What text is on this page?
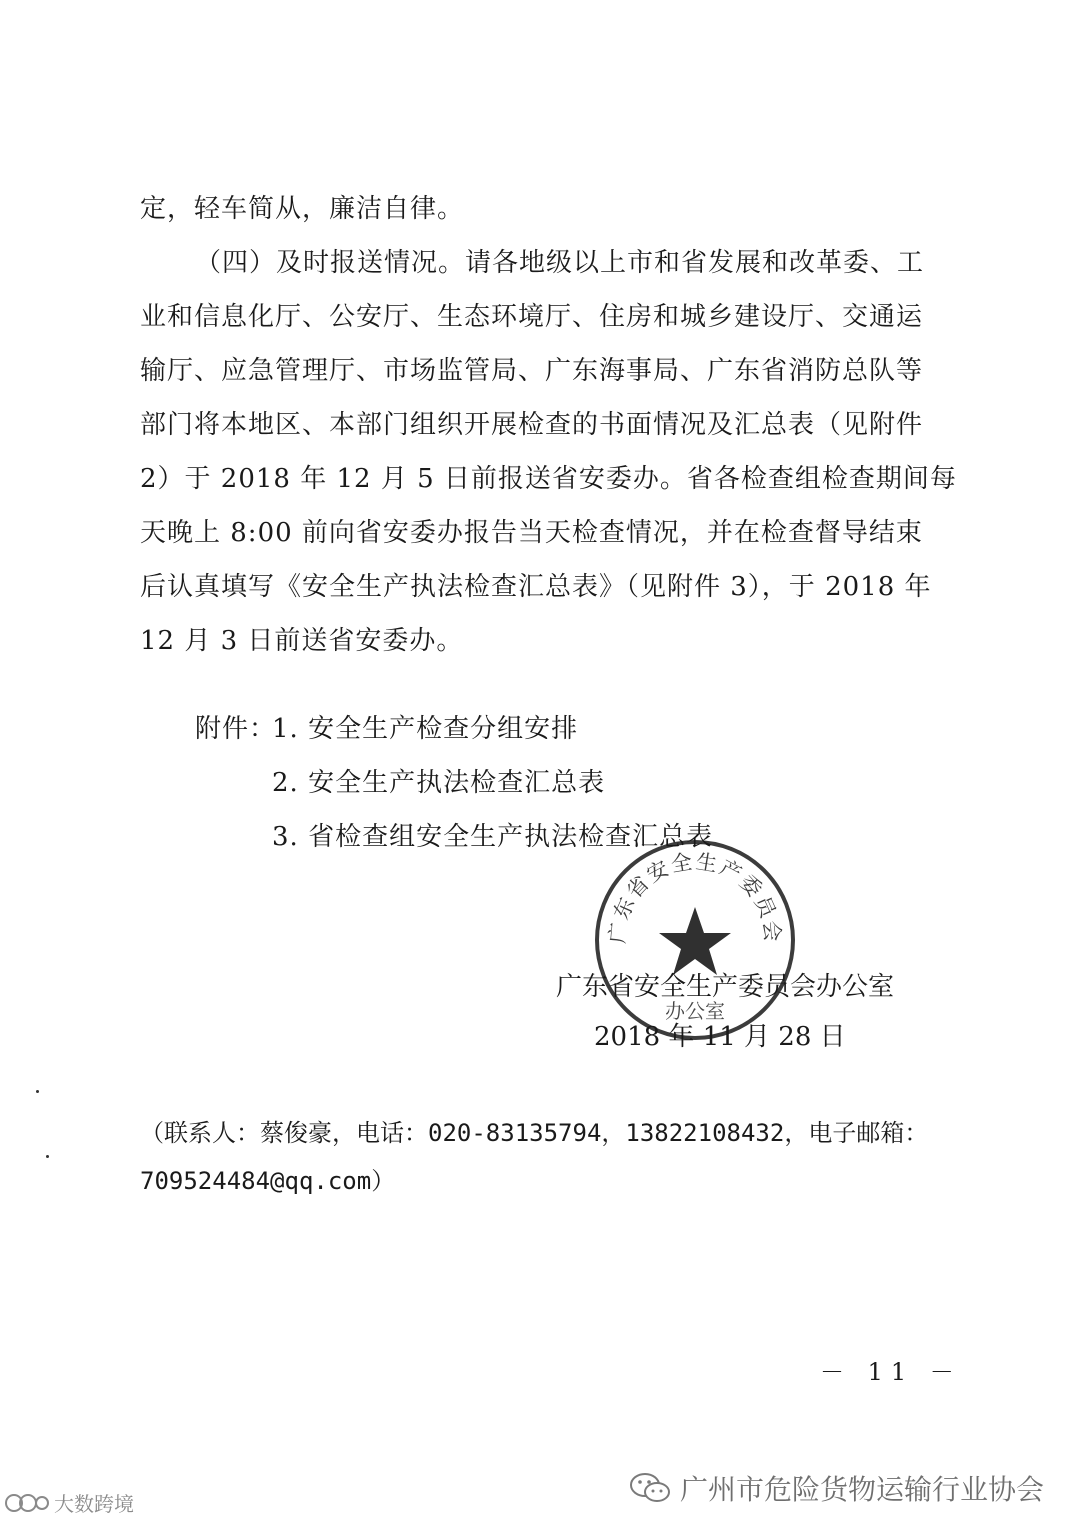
定，轻车简从，廉洁自律。
（四）及时报送情况。请各地级以上市和省发展和改革委、工
业和信息化厅、公安厅、生态环境厅、住房和城乡建设厅、交通运
输厅、应急管理厅、市场监管局、广东海事局、广东省消防总队等
部门将本地区、本部门组织开展检查的书面情况及汇总表（见附件
2）于 2018 年 12 月 5 日前报送省安委办。省各检查组检查期间每
天晚上 8:00 前向省安委办报告当天检查情况，并在检查督导结束
后认真填写《安全生产执法检查汇总表》（见附件 3），于 2018 年
12 月 3 日前送省安委办。
附件：
1. 安全生产检查分组安排
2. 安全生产执法检查汇总表
3. 省检查组安全生产执法检查汇总表
广东省安全生产委员会
办公室
广东省安全生产委员会办公室
2018 年 11 月 28 日
（联系人：蔡俊豪，电话：020-83135794，13822108432，电子邮箱：
709524484@qq.com）
－ 11 －
广州市危险货物运输行业协会
大数跨境
